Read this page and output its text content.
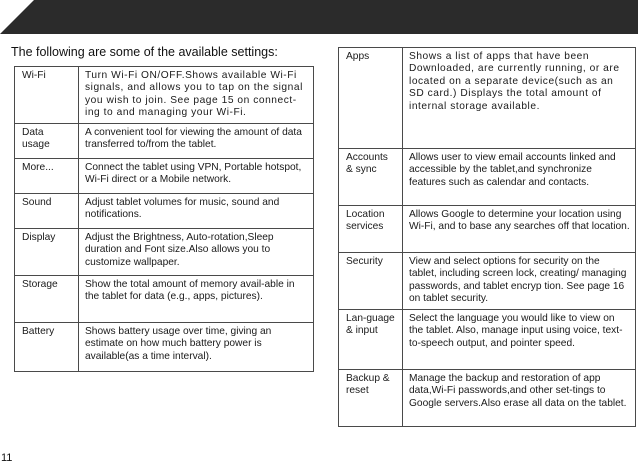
The following are some of the available settings:
Wi-Fi	Turn Wi-Fi ON/OFF.Shows available Wi-Fi signals, and allows you to tap on the signal you wish to join. See page 15 on connect-ing to and managing your Wi-Fi.
Data usage	A convenient tool for viewing the amount of data transferred to/from the tablet.
More...	Connect the tablet using VPN, Portable hotspot, Wi-Fi direct or a Mobile network.
Sound	Adjust tablet volumes for music, sound and notifications.
Display	Adjust the Brightness, Auto-rotation,Sleep duration and Font size.Also allows you to customize wallpaper.
Storage	Show the total amount of memory avail-able in the tablet for data (e.g., apps, pictures).
Battery	Shows battery usage over time, giving an estimate on how much battery power is available(as a time interval).
Apps	Shows a list of apps that have been Downloaded, are currently running, or are located on a separate device(such as an SD card.) Displays the total amount of internal storage available.
Accounts & sync	Allows user to view email accounts linked and accessible by the tablet,and synchronize features such as calendar and contacts.
Location services	Allows Google to determine your location using Wi-Fi, and to base any searches off that location.
Security	View and select options for security on the tablet, including screen lock, creating/ managing passwords, and tablet encryp tion. See page 16 on tablet security.
Lan-guage & input	Select the language you would like to view on the tablet. Also, manage input using voice, text-to-speech output, and pointer speed.
Backup & reset	Manage the backup and restoration of app data,Wi-Fi passwords,and other set-tings to Google servers.Also erase all data on the tablet.
11
